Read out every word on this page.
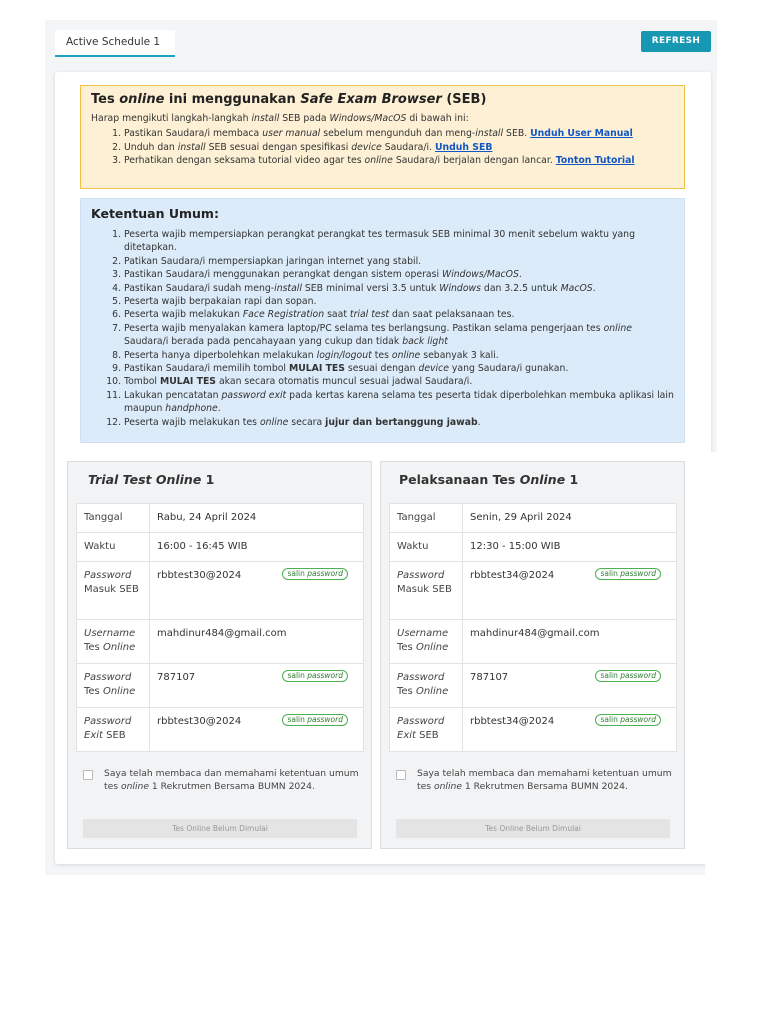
Active Schedule 1	REFRESH
Tes online ini menggunakan Safe Exam Browser (SEB)

Harap mengikuti langkah-langkah install SEB pada Windows/MacOS di bawah ini:

1. Pastikan Saudara/i membaca user manual sebelum mengunduh dan meng-install SEB. Unduh User Manual
2. Unduh dan install SEB sesuai dengan spesifikasi device Saudara/i. Unduh SEB
3. Perhatikan dengan seksama tutorial video agar tes online Saudara/i berjalan dengan lancar. Tonton Tutorial
Ketentuan Umum:
1. Peserta wajib mempersiapkan perangkat perangkat tes termasuk SEB minimal 30 menit sebelum waktu yang ditetapkan.
2. Patikan Saudara/i mempersiapkan jaringan internet yang stabil.
3. Pastikan Saudara/i menggunakan perangkat dengan sistem operasi Windows/MacOS.
4. Pastikan Saudara/i sudah meng-install SEB minimal versi 3.5 untuk Windows dan 3.2.5 untuk MacOS.
5. Peserta wajib berpakaian rapi dan sopan.
6. Peserta wajib melakukan Face Registration saat trial test dan saat pelaksanaan tes.
7. Peserta wajib menyalakan kamera laptop/PC selama tes berlangsung. Pastikan selama pengerjaan tes online Saudara/i berada pada pencahayaan yang cukup dan tidak back light
8. Peserta hanya diperbolehkan melakukan login/logout tes online sebanyak 3 kali.
9. Pastikan Saudara/i memilih tombol MULAI TES sesuai dengan device yang Saudara/i gunakan.
10. Tombol MULAI TES akan secara otomatis muncul sesuai jadwal Saudara/i.
11. Lakukan pencatatan password exit pada kertas karena selama tes peserta tidak diperbolehkan membuka aplikasi lain maupun handphone.
12. Peserta wajib melakukan tes online secara jujur dan bertanggung jawab.
Trial Test Online 1
Tanggal	Rabu, 24 April 2024
Waktu	16:00 - 16:45 WIB
Password
Masuk SEB	rbbtest30@2024 salin password

Username
Tes Online	mahdinur484@gmail.com
Password
Tes Online	787107 salin password

Password
Exit SEB	rbbtest30@2024 salin password
Saya telah membaca dan memahami ketentuan umum tes online 1 Rekrutmen Bersama BUMN 2024.
Tes Online Belum Dimulai
Pelaksanaan Tes Online 1
Tanggal	Senin, 29 April 2024
Waktu	12:30 - 15:00 WIB
Password
Masuk SEB	rbbtest34@2024 salin password

Username
Tes Online	mahdinur484@gmail.com
Password
Tes Online	787107 salin password

Password
Exit SEB	rbbtest34@2024 salin password
Saya telah membaca dan memahami ketentuan umum tes online 1 Rekrutmen Bersama BUMN 2024.
Tes Online Belum Dimulai
